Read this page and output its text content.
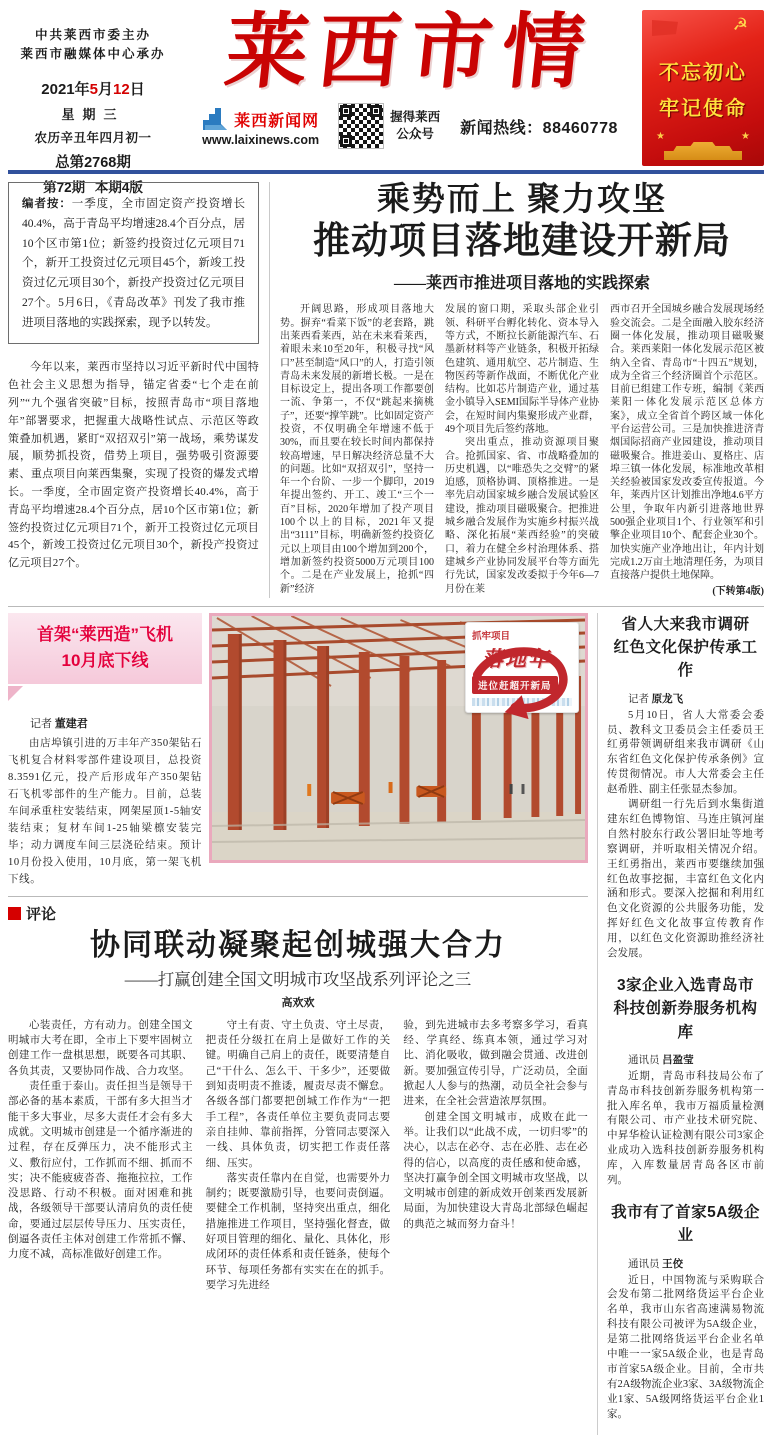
中共莱西市委主办
莱西市融媒体中心承办
2021年5月12日
星期三
农历辛丑年四月初一
总第2768期
第72期 本期4版
莱西市情
莱西新闻网
www.laixinews.com
握得莱西
公众号	新闻热线：88460778
☭
不忘初心
牢记使命
★	★
编者按：一季度，全市固定资产投资增长40.4%，高于青岛平均增速28.4个百分点，居10个区市第1位；新签约投资过亿元项目71个，新开工投资过亿元项目45个，新竣工投资过亿元项目30个，新投产投资过亿元项目27个。5月6日，《青岛改革》刊发了我市推进项目落地的实践探索，现予以转发。
今年以来，莱西市坚持以习近平新时代中国特色社会主义思想为指导，锚定省委“七个走在前列”“九个强省突破”目标，按照青岛市“项目落地年”部署要求，把握重大战略性试点、示范区等政策叠加机遇，紧盯“双招双引”第一战场，乘势谋发展，顺势抓投资，借势上项目，强势吸引资源要素、重点项目向莱西集聚，实现了投资的爆发式增长。一季度，全市固定资产投资增长40.4%，高于青岛平均增速28.4个百分点，居10个区市第1位；新签约投资过亿元项目71个，新开工投资过亿元项目45个，新竣工投资过亿元项目30个，新投产投资过亿元项目27个。
乘势而上 聚力攻坚
推动项目落地建设开新局
——莱西市推进项目落地的实践探索

开阔思路，形成项目落地大势。摒弃“看菜下饭”的老套路，跳出莱西看莱西，站在未来看莱西，着眼未来10至20年，积极寻找“风口”甚至制造“风口”的人，打造引领青岛未来发展的新增长极。一是在目标设定上，提出各项工作都要创一流、争第一，不仅“跳起来摘桃子”，还要“撑竿跳”。比如固定资产投资，不仅明确全年增速不低于30%，而且要在较长时间内都保持较高增速，早日解决经济总量不大的问题。比如“双招双引”，坚持一年一个台阶、一步一个脚印，2019年提出签约、开工、竣工“三个一百”目标，2020年增加了投产项目100个以上的目标，2021年又提出“3111”目标，明确新签约投资亿元以上项目由100个增加到200个，增加新签约投资5000万元项目100个。二是在产业发展上，抢抓“四新”经济

发展的窗口期，采取头部企业引领、科研平台孵化转化、资本导入等方式，不断拉长新能源汽车、石墨新材料等产业链条，积极开拓绿色建筑、通用航空、芯片制造、生物医药等新作战面，不断优化产业结构。比如芯片制造产业，通过基金小镇导入SEMI国际半导体产业协会，在短时间内集聚形成产业群，49个项目先后签约落地。

突出重点，推动资源项目聚合。抢抓国家、省、市战略叠加的历史机遇，以“唯恐失之交臂”的紧迫感，顶格协调、顶格推进。一是率先启动国家城乡融合发展试验区建设，推动项目磁吸聚合。把推进城乡融合发展作为实施乡村振兴战略、深化拓展“莱西经验”的突破口，着力在健全乡村治理体系、搭建城乡产业协同发展平台等方面先行先试，国家发改委拟于今年6—7月份在莱

西市召开全国城乡融合发展现场经验交流会。二是全面融入胶东经济圈一体化发展，推动项目磁吸聚合。莱西莱阳一体化发展示范区被纳入全省、青岛市“十四五”规划，成为全省三个经济圈首个示范区。目前已组建工作专班，编制《莱西莱阳一体化发展示范区总体方案》，成立全省首个跨区域一体化平台运营公司。三是加快推进济青烟国际招商产业园建设，推动项目磁吸聚合。推进姜山、夏格庄、店埠三镇一体化发展，标准地改革相关经验被国家发改委宣传报道。今年，莱西片区计划推出净地4.6平方公里，争取年内新引进落地世界500强企业项目1个、行业领军和引擎企业项目10个、配套企业30个。加快实施产业净地出让，年内计划完成1.2万亩土地清理任务，为项目直接落户提供土地保障。

(下转第4版)
首架“莱西造”飞机
10月底下线
记者 董建君
由店埠镇引进的万丰年产350架钻石飞机复合材料零部件建设项目，总投资8.3591亿元，投产后形成年产350架钻石飞机零部件的生产能力。目前，总装车间承重柱安装结束，网架屋顶1-5轴安装结束；复材车间1-25轴梁檩安装完毕；动力调度车间三层浇砼结束。预计10月份投入使用，10月底，第一架飞机下线。
抓牢项目
落地年
进位赶超开新局
评论
协同联动凝聚起创城强大合力
——打赢创建全国文明城市攻坚战系列评论之三
高欢欢

心装责任，方有动力。创建全国文明城市大考在即，全市上下要牢固树立创建工作一盘棋思想，既要各司其职、各负其责，又要协同作战、合力攻坚。

责任重于泰山。责任担当是领导干部必备的基本素质，干部有多大担当才能干多大事业，尽多大责任才会有多大成就。文明城市创建是一个循序渐进的过程，存在反弹压力，决不能形式主义、敷衍应付，工作抓而不细、抓而不实；决不能疲疲沓沓、拖拖拉拉，工作没思路、行动不积极。面对困难和挑战，各级领导干部要认清肩负的责任使命，要通过层层传导压力、压实责任，倒逼各责任主体对创建工作常抓不懈、力度不减，高标准做好创建工作。

守土有责、守土负责、守土尽责，把责任分级扛在肩上是做好工作的关键。明确自己肩上的责任，既要清楚自己“干什么、怎么干、干多少”，还要做到知责明责不推诿，履责尽责不懈怠。各级各部门都要把创城工作作为“一把手工程”，各责任单位主要负责同志要亲自挂帅、靠前指挥，分管同志要深入一线、具体负责，切实把工作责任落细、压实。

落实责任靠内在自觉，也需要外力制约；既要激励引导，也要问责倒逼。要健全工作机制，坚持突出重点，细化措施推进工作项目，坚持强化督查，做好项目管理的细化、量化、具体化，形成闭环的责任体系和责任链条，使每个环节、每项任务都有实实在在的抓手。要学习先进经

验，到先进城市去多考察多学习，看真经、学真经、练真本领，通过学习对比、消化吸收，做到融会贯通、改进创新。要加强宣传引导，广泛动员，全面掀起人人参与的热潮，动员全社会参与进来，在全社会营造浓厚氛围。

创建全国文明城市，成败在此一举。让我们以“此战不成，一切归零”的决心，以志在必夺、志在必胜、志在必得的信心，以高度的责任感和使命感，坚决打赢争创全国文明城市攻坚战，以文明城市创建的新成效开创莱西发展新局面，为加快建设大青岛北部绿色崛起的典范之城而努力奋斗！

省人大来我市调研
红色文化保护传承工作
记者 原龙飞

5月10日，省人大常委会委员、教科文卫委员会主任委员王红勇带领调研组来我市调研《山东省红色文化保护传承条例》宣传贯彻情况。市人大常委会主任赵希胜、副主任张显杰参加。

调研组一行先后到水集街道建东红色博物馆、马连庄镇河崖自然村胶东行政公署旧址等地考察调研，并听取相关情况介绍。王红勇指出，莱西市要继续加强红色故事挖掘，丰富红色文化内涵和形式。要深入挖掘和利用红色文化资源的公共服务功能，发挥好红色文化故事宣传教育作用，以红色文化资源助推经济社会发展。

3家企业入选青岛市
科技创新券服务机构库
通讯员 吕盈莹

近期，青岛市科技局公布了青岛市科技创新券服务机构第一批入库名单，我市万福质量检测有限公司、市产业技术研究院、中昇华检认证检测有限公司3家企业成功入选科技创新券服务机构库，入库数量居青岛各区市前列。

我市有了首家5A级企业
通讯员 王佼

近日，中国物流与采购联合会发布第二批网络货运平台企业名单，我市山东省高速满易物流科技有限公司被评为5A级企业，是第二批网络货运平台企业名单中唯一一家5A级企业，也是青岛市首家5A级企业。目前，全市共有2A级物流企业3家、3A级物流企业1家、5A级网络货运平台企业1家。
